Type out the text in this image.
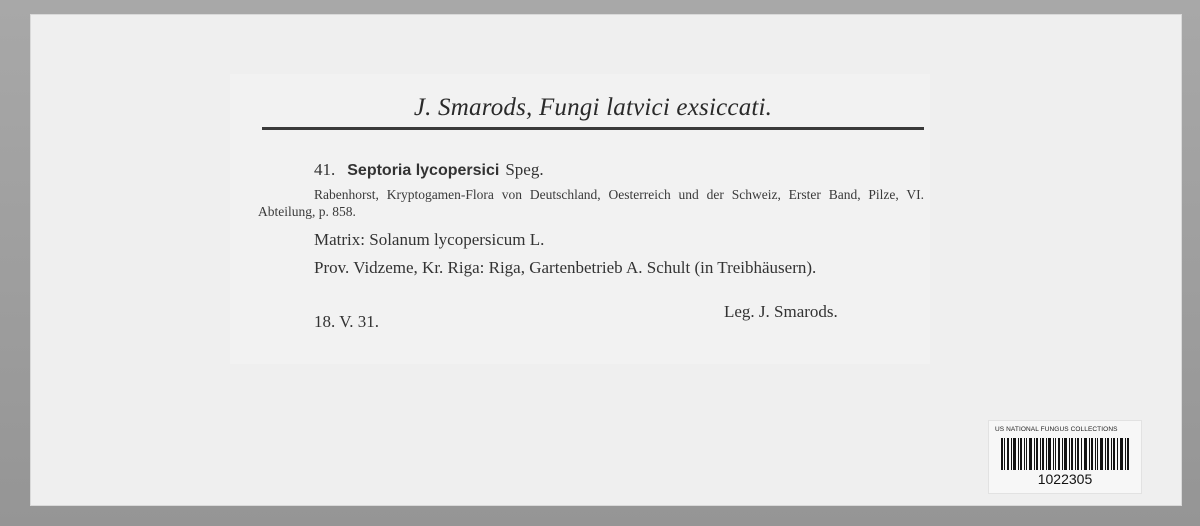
J. Smarods, Fungi latvici exsiccati.
41. Septoria lycopersici Speg.
Rabenhorst, Kryptogamen-Flora von Deutschland, Oesterreich und der Schweiz, Erster Band, Pilze, VI. Abteilung, p. 858.
Matrix: Solanum lycopersicum L.
Prov. Vidzeme, Kr. Riga: Riga, Gartenbetrieb A. Schult (in Treibhäusern).
18. V. 31.
Leg. J. Smarods.
US NATIONAL FUNGUS COLLECTIONS
1022305
